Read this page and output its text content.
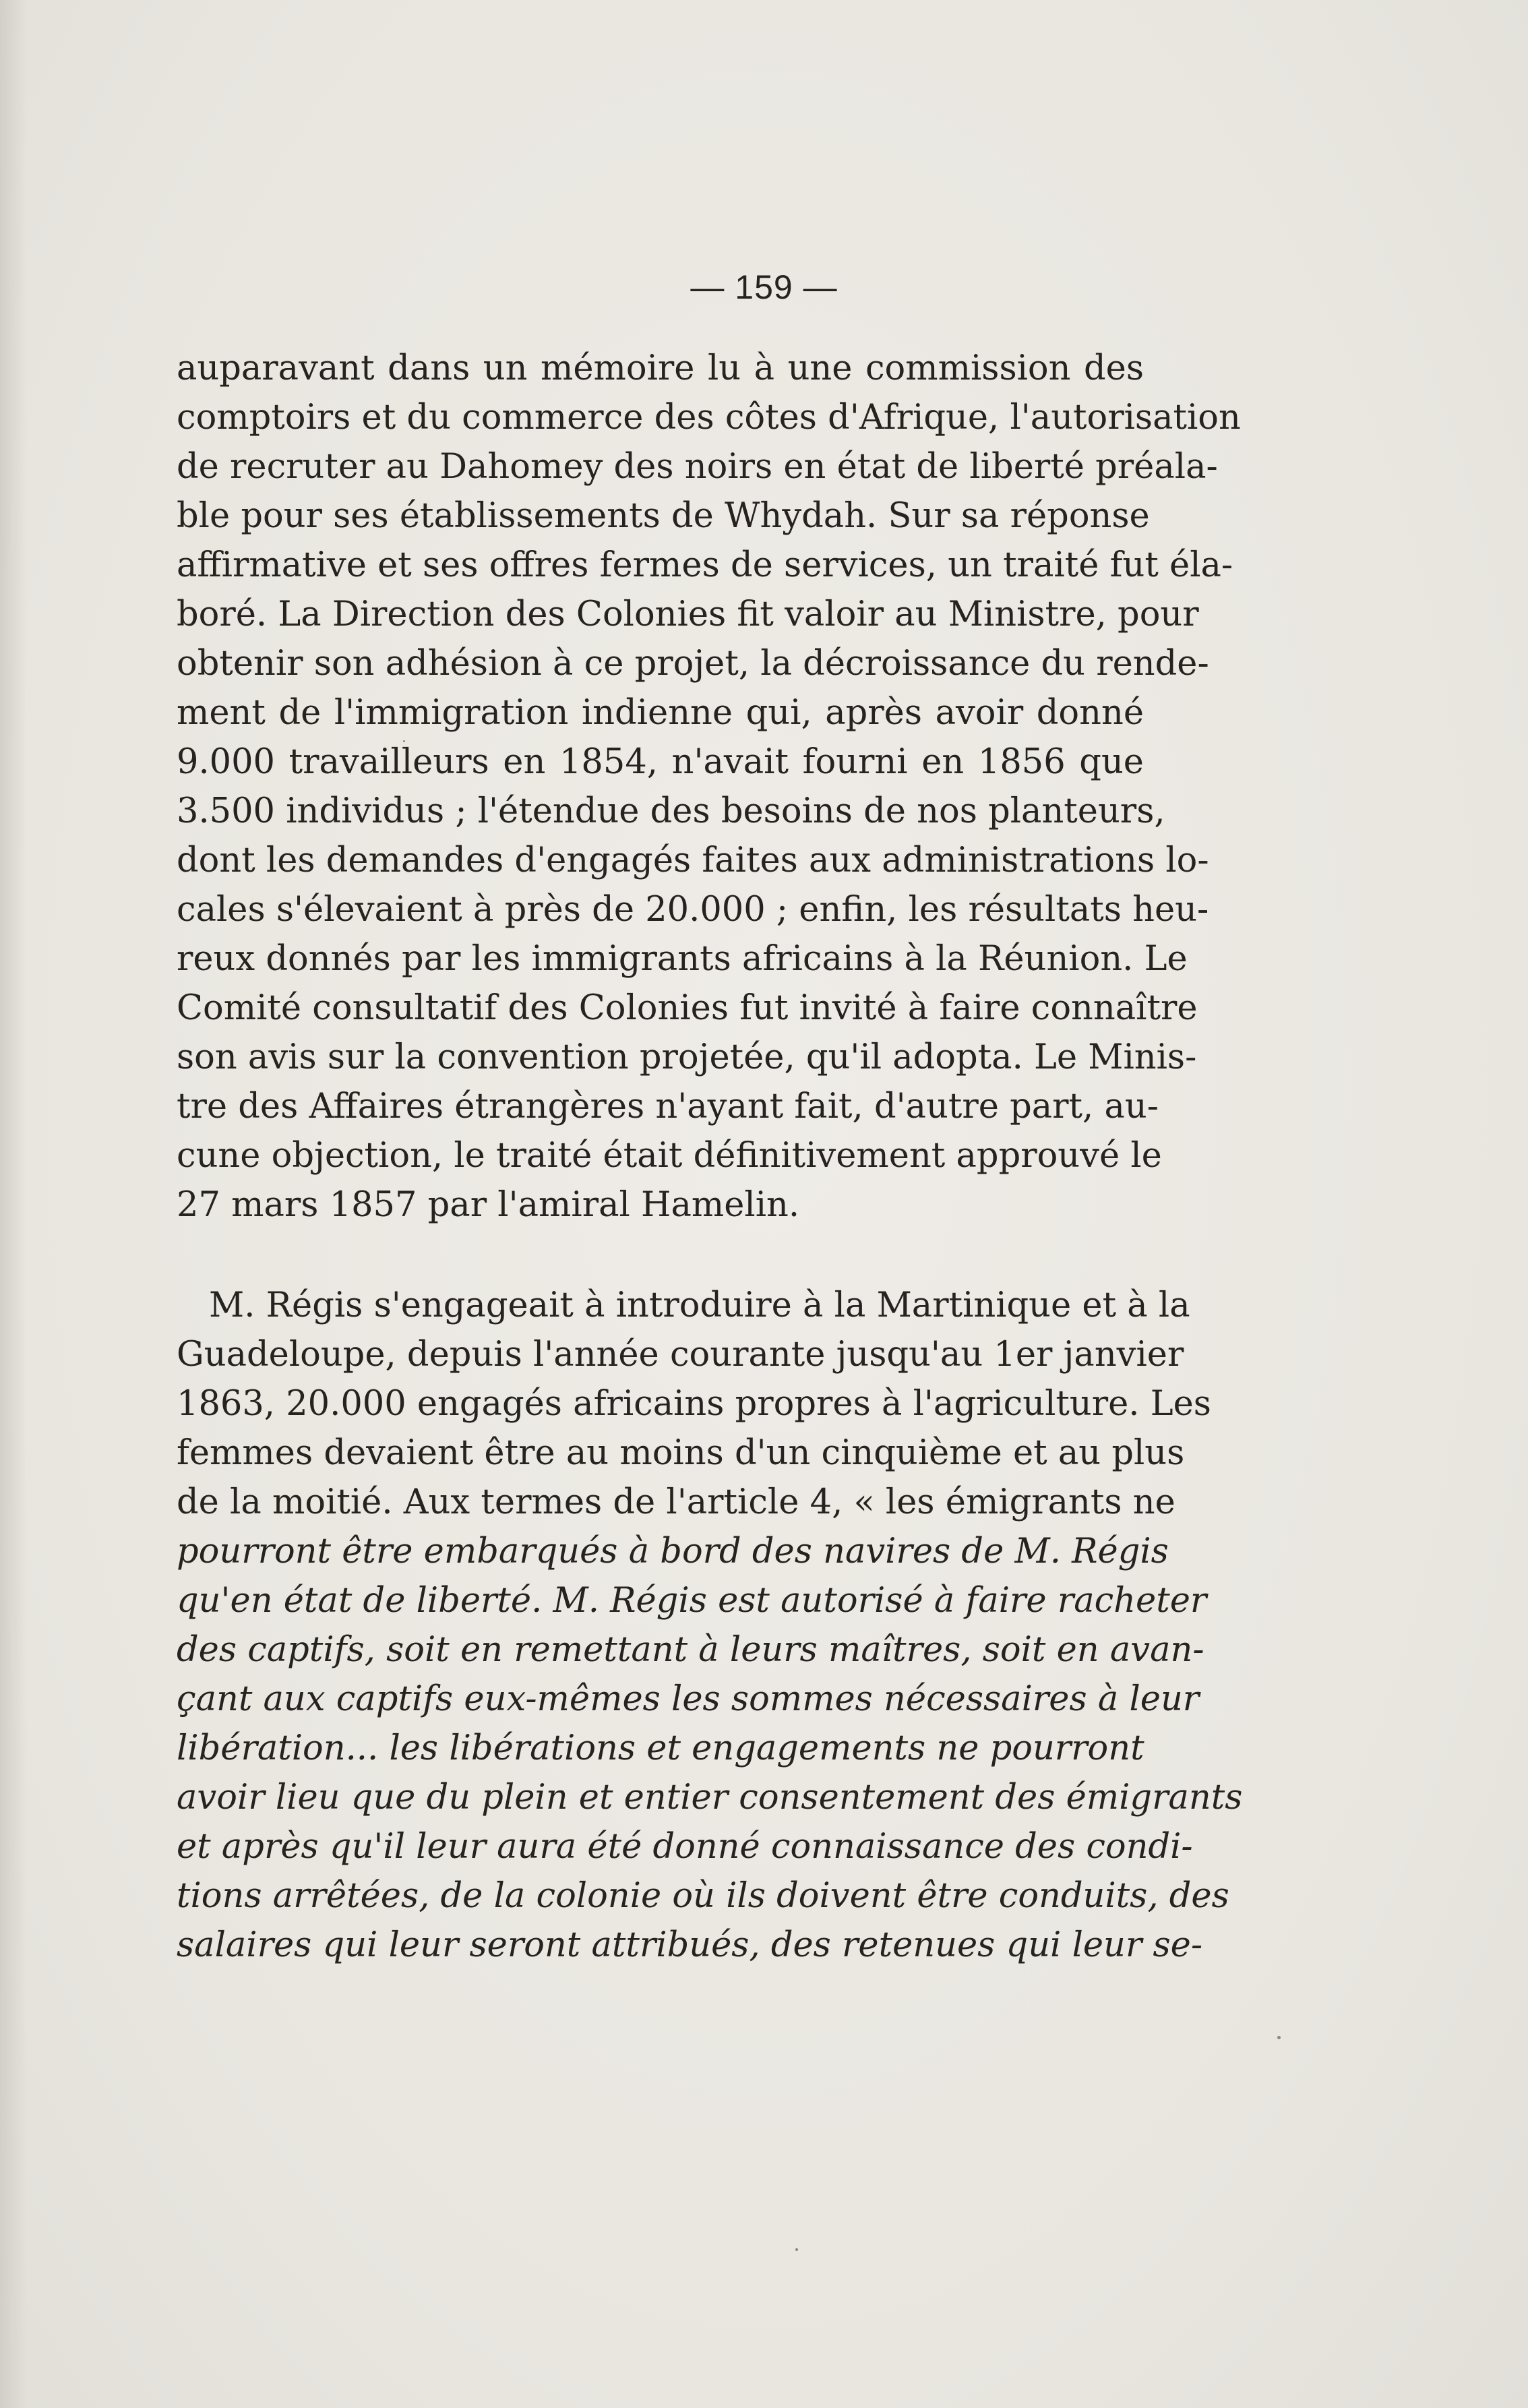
— 159 —
auparavant dans un mémoire lu à une commission des
comptoirs et du commerce des côtes d'Afrique, l'autorisation
de recruter au Dahomey des noirs en état de liberté préala-
ble pour ses établissements de Whydah. Sur sa réponse
affirmative et ses offres fermes de services, un traité fut éla-
boré. La Direction des Colonies fit valoir au Ministre, pour
obtenir son adhésion à ce projet, la décroissance du rende-
ment de l'immigration indienne qui, après avoir donné
9.000 travailleurs en 1854, n'avait fourni en 1856 que
3.500 individus ; l'étendue des besoins de nos planteurs,
dont les demandes d'engagés faites aux administrations lo-
cales s'élevaient à près de 20.000 ; enfin, les résultats heu-
reux donnés par les immigrants africains à la Réunion. Le
Comité consultatif des Colonies fut invité à faire connaître
son avis sur la convention projetée, qu'il adopta. Le Minis-
tre des Affaires étrangères n'ayant fait, d'autre part, au-
cune objection, le traité était définitivement approuvé le
27 mars 1857 par l'amiral Hamelin.
M. Régis s'engageait à introduire à la Martinique et à la
Guadeloupe, depuis l'année courante jusqu'au 1er janvier
1863, 20.000 engagés africains propres à l'agriculture. Les
femmes devaient être au moins d'un cinquième et au plus
de la moitié. Aux termes de l'article 4, « les émigrants ne
pourront être embarqués à bord des navires de M. Régis
qu'en état de liberté. M. Régis est autorisé à faire racheter
des captifs, soit en remettant à leurs maîtres, soit en avan-
çant aux captifs eux-mêmes les sommes nécessaires à leur
libération... les libérations et engagements ne pourront
avoir lieu que du plein et entier consentement des émigrants
et après qu'il leur aura été donné connaissance des condi-
tions arrêtées, de la colonie où ils doivent être conduits, des
salaires qui leur seront attribués, des retenues qui leur se-
